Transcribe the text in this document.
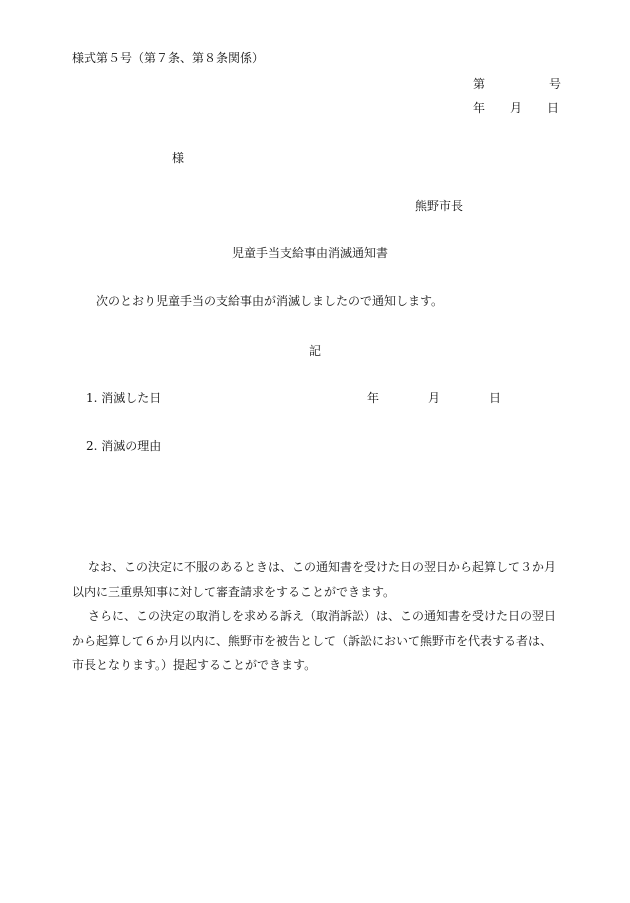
様式第５号（第７条、第８条関係）
第	号
年 月 日
様
熊野市長
児童手当支給事由消滅通知書
次のとおり児童手当の支給事由が消滅しましたので通知します。
記
1. 消滅した日	年	月	日
2. 消滅の理由
なお、この決定に不服のあるときは、この通知書を受けた日の翌日から起算して３か月以内に三重県知事に対して審査請求をすることができます。
さらに、この決定の取消しを求める訴え（取消訴訟）は、この通知書を受けた日の翌日から起算して６か月以内に、熊野市を被告として（訴訟において熊野市を代表する者は、市長となります。）提起することができます。
